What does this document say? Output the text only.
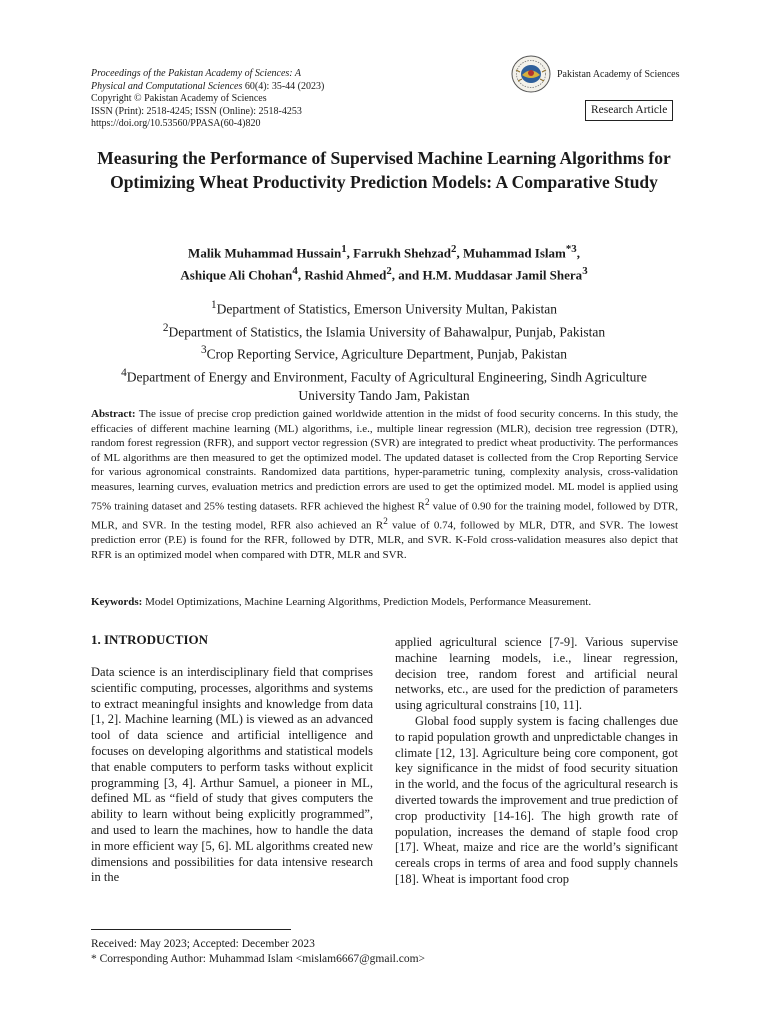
Proceedings of the Pakistan Academy of Sciences: A
Physical and Computational Sciences 60(4): 35-44 (2023)
Copyright © Pakistan Academy of Sciences
ISSN (Print): 2518-4245; ISSN (Online): 2518-4253
https://doi.org/10.53560/PPASA(60-4)820
Pakistan Academy of Sciences
Research Article
Measuring the Performance of Supervised Machine Learning Algorithms for Optimizing Wheat Productivity Prediction Models: A Comparative Study
Malik Muhammad Hussain$^1$, Farrukh Shehzad$^2$, Muhammad Islam$^{*3}$,
Ashique Ali Chohan$^4$, Rashid Ahmed$^2$, and H.M. Muddasar Jamil Shera$^3$
$^1$Department of Statistics, Emerson University Multan, Pakistan
$^2$Department of Statistics, the Islamia University of Bahawalpur, Punjab, Pakistan
$^3$Crop Reporting Service, Agriculture Department, Punjab, Pakistan
$^4$Department of Energy and Environment, Faculty of Agricultural Engineering, Sindh Agriculture
University Tando Jam, Pakistan

Abstract: The issue of precise crop prediction gained worldwide attention in the midst of food security concerns. In this study, the efficacies of different machine learning (ML) algorithms, i.e., multiple linear regression (MLR), decision tree regression (DTR), random forest regression (RFR), and support vector regression (SVR) are integrated to predict wheat productivity. The performances of ML algorithms are then measured to get the optimized model. The updated dataset is collected from the Crop Reporting Service for various agronomical constraints. Randomized data partitions, hyper-parametric tuning, complexity analysis, cross-validation measures, learning curves, evaluation metrics and prediction errors are used to get the optimized model. ML model is applied using 75% training dataset and 25% testing datasets. RFR achieved the highest $R^2$ value of 0.90 for the training model, followed by DTR, MLR, and SVR. In the testing model, RFR also achieved an $R^2$ value of 0.74, followed by MLR, DTR, and SVR. The lowest prediction error (P.E) is found for the RFR, followed by DTR, MLR, and SVR. K-Fold cross-validation measures also depict that RFR is an optimized model when compared with DTR, MLR and SVR.

Keywords: Model Optimizations, Machine Learning Algorithms, Prediction Models, Performance Measurement.

1. INTRODUCTION

Data science is an interdisciplinary field that comprises scientific computing, processes, algorithms and systems to extract meaningful insights and knowledge from data [1, 2]. Machine learning (ML) is viewed as an advanced tool of data science and artificial intelligence and focuses on developing algorithms and statistical models that enable computers to perform tasks without explicit programming [3, 4]. Arthur Samuel, a pioneer in ML, defined ML as “field of study that gives computers the ability to learn without being explicitly programmed”, and used to learn the machines, how to handle the data in more efficient way [5, 6]. ML algorithms created new dimensions and possibilities for data intensive research in the

applied agricultural science [7-9]. Various supervise machine learning models, i.e., linear regression, decision tree, random forest and artificial neural networks, etc., are used for the prediction of parameters using agricultural constrains [10, 11].

Global food supply system is facing challenges due to rapid population growth and unpredictable changes in climate [12, 13]. Agriculture being core component, got key significance in the midst of food security situation in the world, and the focus of the agricultural research is diverted towards the improvement and true prediction of crop productivity [14-16]. The high growth rate of population, increases the demand of staple food crop [17]. Wheat, maize and rice are the world’s significant cereals crops in terms of area and food supply channels [18]. Wheat is important food crop

Received: May 2023; Accepted: December 2023
* Corresponding Author: Muhammad Islam <mislam6667@gmail.com>
